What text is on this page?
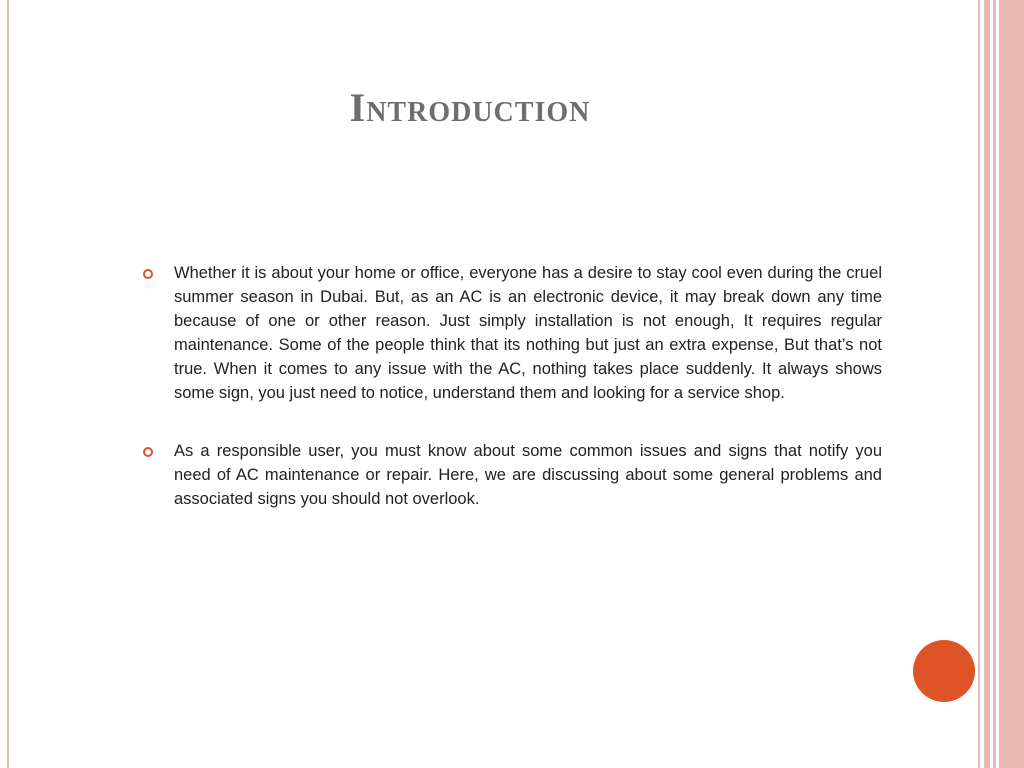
Introduction
Whether it is about your home or office, everyone has a desire to stay cool even during the cruel summer season in Dubai. But, as an AC is an electronic device, it may break down any time because of one or other reason. Just simply installation is not enough, It requires regular maintenance. Some of the people think that its nothing but just an extra expense, But that’s not true. When it comes to any issue with the AC, nothing takes place suddenly. It always shows some sign, you just need to notice, understand them and looking for a service shop.
As a responsible user, you must know about some common issues and signs that notify you need of AC maintenance or repair. Here, we are discussing about some general problems and associated signs you should not overlook.
